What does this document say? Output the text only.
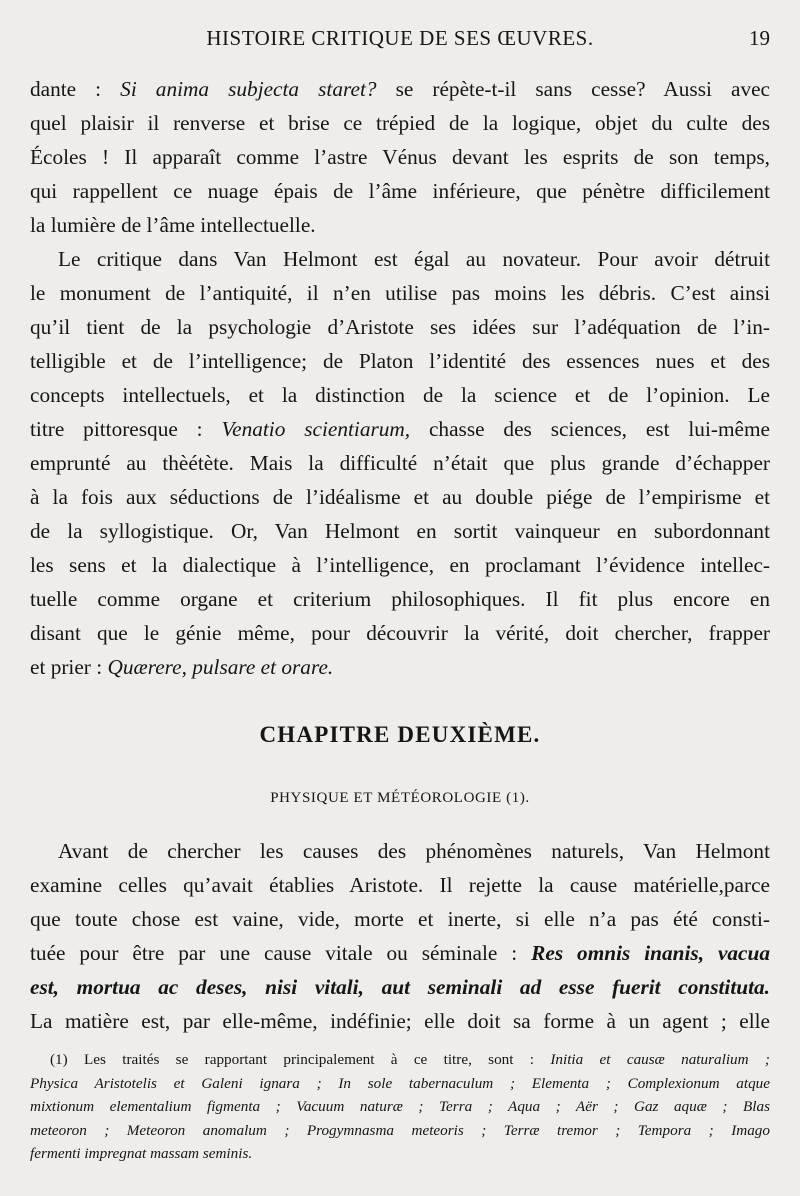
HISTOIRE CRITIQUE DE SES ŒUVRES.	19
dante : Si anima subjecta staret? se répète-t-il sans cesse? Aussi avec
quel plaisir il renverse et brise ce trépied de la logique, objet du culte des
Écoles ! Il apparaît comme l’astre Vénus devant les esprits de son temps,
qui rappellent ce nuage épais de l’âme inférieure, que pénètre difficilement
la lumière de l’âme intellectuelle.
Le critique dans Van Helmont est égal au novateur. Pour avoir détruit
le monument de l’antiquité, il n’en utilise pas moins les débris. C’est ainsi
qu’il tient de la psychologie d’Aristote ses idées sur l’adéquation de l’in-
telligible et de l’intelligence; de Platon l’identité des essences nues et des
concepts intellectuels, et la distinction de la science et de l’opinion. Le
titre pittoresque : Venatio scientiarum, chasse des sciences, est lui-même
emprunté au thèétète. Mais la difficulté n’était que plus grande d’échapper
à la fois aux séductions de l’idéalisme et au double piége de l’empirisme et
de la syllogistique. Or, Van Helmont en sortit vainqueur en subordonnant
les sens et la dialectique à l’intelligence, en proclamant l’évidence intellec-
tuelle comme organe et criterium philosophiques. Il fit plus encore en
disant que le génie même, pour découvrir la vérité, doit chercher, frapper
et prier : Quærere, pulsare et orare.
CHAPITRE DEUXIÈME.
PHYSIQUE ET MÉTÉOROLOGIE (1).
Avant de chercher les causes des phénomènes naturels, Van Helmont
examine celles qu’avait établies Aristote. Il rejette la cause matérielle,parce
que toute chose est vaine, vide, morte et inerte, si elle n’a pas été consti-
tuée pour être par une cause vitale ou séminale : Res omnis inanis, vacua
est, mortua ac deses, nisi vitali, aut seminali ad esse fuerit constituta.
La matière est, par elle-même, indéfinie; elle doit sa forme à un agent ; elle
(1) Les traités se rapportant principalement à ce titre, sont : Initia et causæ naturalium ;
Physica Aristotelis et Galeni ignara ; In sole tabernaculum ; Elementa ; Complexionum atque
mixtionum elementalium figmenta ; Vacuum naturæ ; Terra ; Aqua ; Aër ; Gaz aquæ ; Blas
meteoron ; Meteoron anomalum ; Progymnasma meteoris ; Terræ tremor ; Tempora ; Imago
fermenti impregnat massam seminis.
